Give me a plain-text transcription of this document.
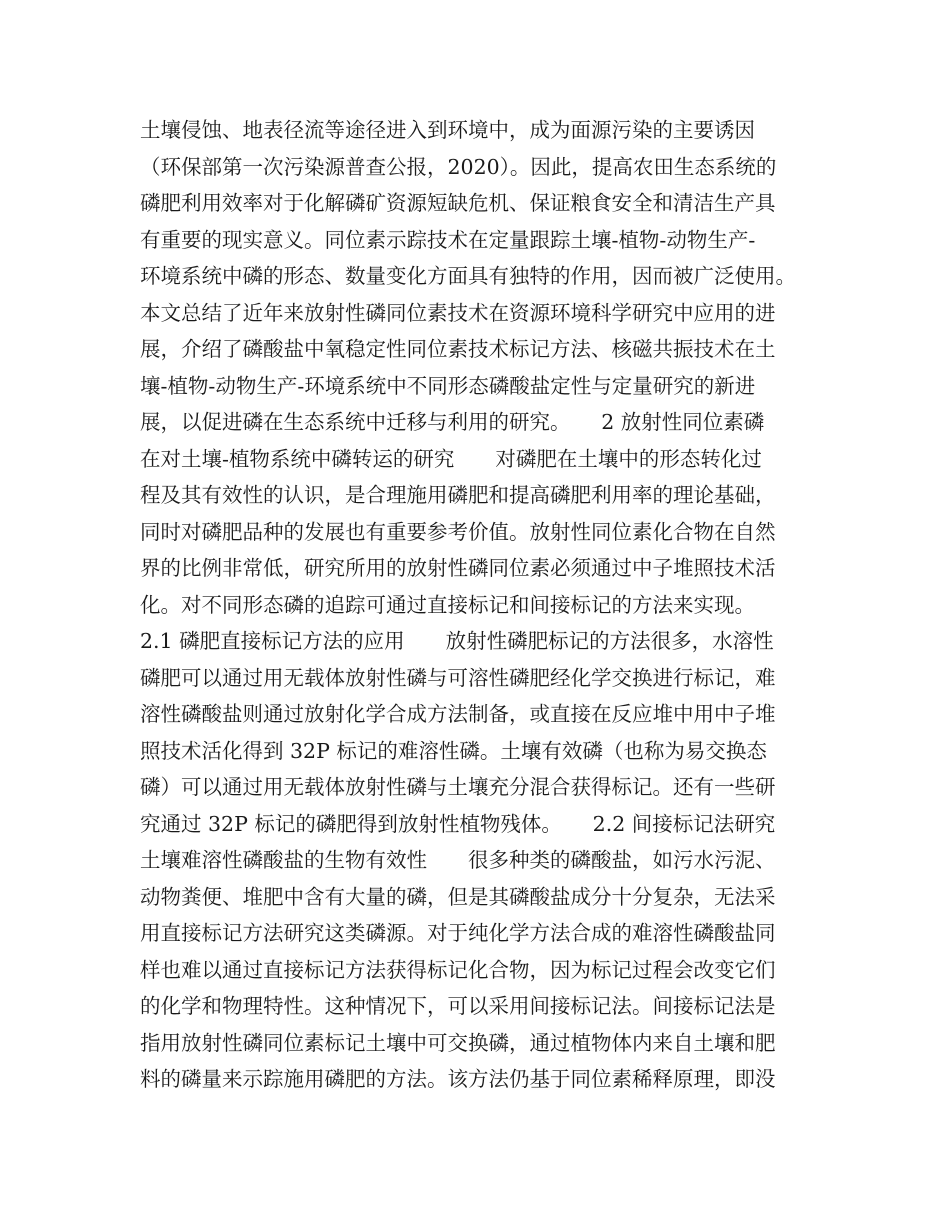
土壤侵蚀、地表径流等途径进入到环境中，成为面源污染的主要诱因
（环保部第一次污染源普查公报，2020）。因此，提高农田生态系统的
磷肥利用效率对于化解磷矿资源短缺危机、保证粮食安全和清洁生产具
有重要的现实意义。同位素示踪技术在定量跟踪土壤-植物-动物生产-
环境系统中磷的形态、数量变化方面具有独特的作用，因而被广泛使用。
本文总结了近年来放射性磷同位素技术在资源环境科学研究中应用的进
展，介绍了磷酸盐中氧稳定性同位素技术标记方法、核磁共振技术在土
壤-植物-动物生产-环境系统中不同形态磷酸盐定性与定量研究的新进
展，以促进磷在生态系统中迁移与利用的研究。　　2 放射性同位素磷
在对土壤-植物系统中磷转运的研究　　对磷肥在土壤中的形态转化过
程及其有效性的认识，是合理施用磷肥和提高磷肥利用率的理论基础，
同时对磷肥品种的发展也有重要参考价值。放射性同位素化合物在自然
界的比例非常低，研究所用的放射性磷同位素必须通过中子堆照技术活
化。对不同形态磷的追踪可通过直接标记和间接标记的方法来实现。
2.1 磷肥直接标记方法的应用　　放射性磷肥标记的方法很多，水溶性
磷肥可以通过用无载体放射性磷与可溶性磷肥经化学交换进行标记，难
溶性磷酸盐则通过放射化学合成方法制备，或直接在反应堆中用中子堆
照技术活化得到 32P 标记的难溶性磷。土壤有效磷（也称为易交换态
磷）可以通过用无载体放射性磷与土壤充分混合获得标记。还有一些研
究通过 32P 标记的磷肥得到放射性植物残体。　　2.2 间接标记法研究
土壤难溶性磷酸盐的生物有效性　　很多种类的磷酸盐，如污水污泥、
动物粪便、堆肥中含有大量的磷，但是其磷酸盐成分十分复杂，无法采
用直接标记方法研究这类磷源。对于纯化学方法合成的难溶性磷酸盐同
样也难以通过直接标记方法获得标记化合物，因为标记过程会改变它们
的化学和物理特性。这种情况下，可以采用间接标记法。间接标记法是
指用放射性磷同位素标记土壤中可交换磷，通过植物体内来自土壤和肥
料的磷量来示踪施用磷肥的方法。该方法仍基于同位素稀释原理，即没
